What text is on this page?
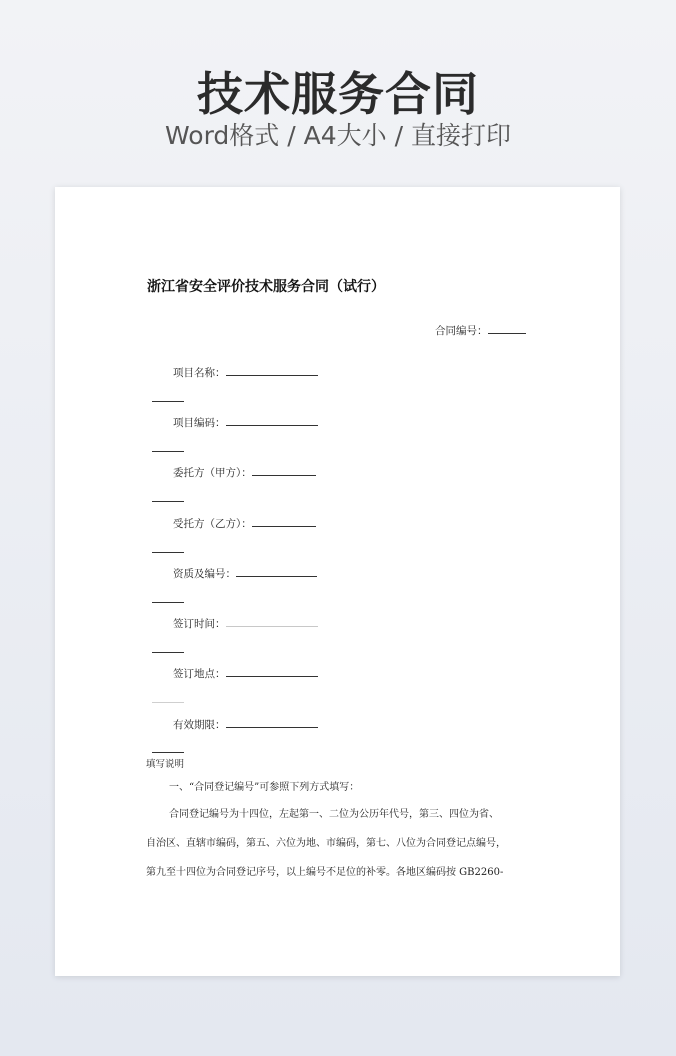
技术服务合同
Word格式 / A4大小 / 直接打印
浙江省安全评价技术服务合同（试行）
合同编号：
项目名称：
项目编码：
委托方（甲方）：
受托方（乙方）：
资质及编号：
签订时间：
签订地点：
有效期限：
填写说明
一、“合同登记编号”可参照下列方式填写：
合同登记编号为十四位，左起第一、二位为公历年代号，第三、四位为省、
自治区、直辖市编码，第五、六位为地、市编码，第七、八位为合同登记点编号，
第九至十四位为合同登记序号，以上编号不足位的补零。各地区编码按 GB2260-
